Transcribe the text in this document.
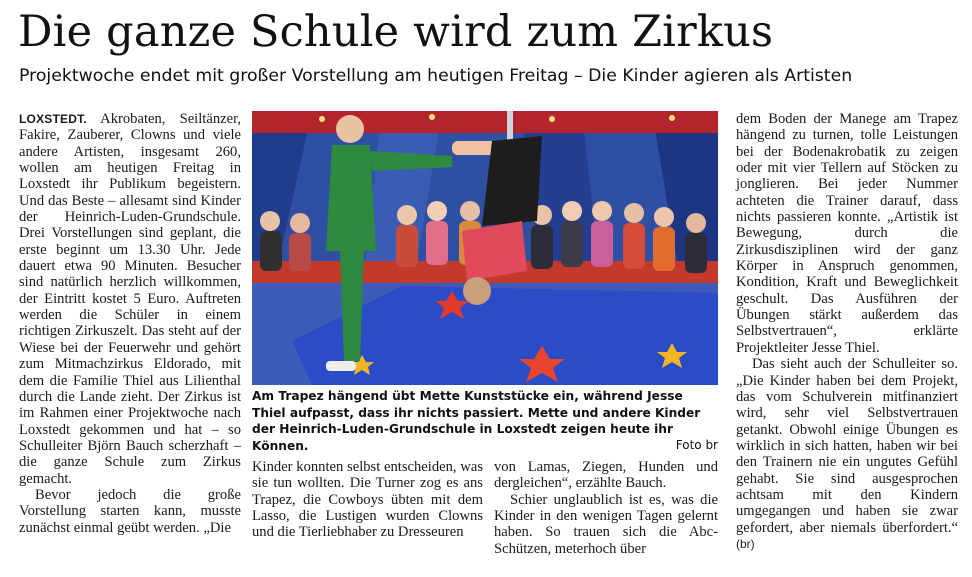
Die ganze Schule wird zum Zirkus
Projektwoche endet mit großer Vorstellung am heutigen Freitag – Die Kinder agieren als Artisten

LOXSTEDT. Akrobaten, Seiltänzer, Fakire, Zauberer, Clowns und viele andere Artisten, insgesamt 260, wollen am heutigen Freitag in Loxstedt ihr Publikum begeistern. Und das Beste – allesamt sind Kinder der Heinrich-Luden-Grundschule. Drei Vorstellungen sind geplant, die erste beginnt um 13.30 Uhr. Jede dauert etwa 90 Minuten. Besucher sind natürlich herzlich willkommen, der Eintritt kostet 5 Euro. Auftreten werden die Schüler in einem richtigen Zirkuszelt. Das steht auf der Wiese bei der Feuerwehr und gehört zum Mitmachzirkus Eldorado, mit dem die Familie Thiel aus Lilienthal durch die Lande zieht. Der Zirkus ist im Rahmen einer Projektwoche nach Loxstedt gekommen und hat – so Schulleiter Björn Bauch scherzhaft – die ganze Schule zum Zirkus gemacht.

Bevor jedoch die große Vorstellung starten kann, musste zunächst einmal geübt werden. „Die

Am Trapez hängend übt Mette Kunststücke ein, während Jesse Thiel aufpasst, dass ihr nichts passiert. Mette und andere Kinder der Heinrich-Luden-Grundschule in Loxstedt zeigen heute ihr Können.	Foto br

Kinder konnten selbst entscheiden, was sie tun wollten. Die Turner zog es ans Trapez, die Cowboys übten mit dem Lasso, die Lustigen wurden Clowns und die Tierliebhaber zu Dresseuren

von Lamas, Ziegen, Hunden und dergleichen“, erzählte Bauch.

Schier unglaublich ist es, was die Kinder in den wenigen Tagen gelernt haben. So trauen sich die Abc-Schützen, meterhoch über

dem Boden der Manege am Trapez hängend zu turnen, tolle Leistungen bei der Bodenakrobatik zu zeigen oder mit vier Tellern auf Stöcken zu jonglieren. Bei jeder Nummer achteten die Trainer darauf, dass nichts passieren konnte. „Artistik ist Bewegung, durch die Zirkusdisziplinen wird der ganz Körper in Anspruch genommen, Kondition, Kraft und Beweglichkeit geschult. Das Ausführen der Übungen stärkt außerdem das Selbstvertrauen“, erklärte Projektleiter Jesse Thiel.

Das sieht auch der Schulleiter so. „Die Kinder haben bei dem Projekt, das vom Schulverein mitfinanziert wird, sehr viel Selbstvertrauen getankt. Obwohl einige Übungen es wirklich in sich hatten, haben wir bei den Trainern nie ein ungutes Gefühl gehabt. Sie sind ausgesprochen achtsam mit den Kindern umgegangen und haben sie zwar gefordert, aber niemals überfordert.“ (br)
